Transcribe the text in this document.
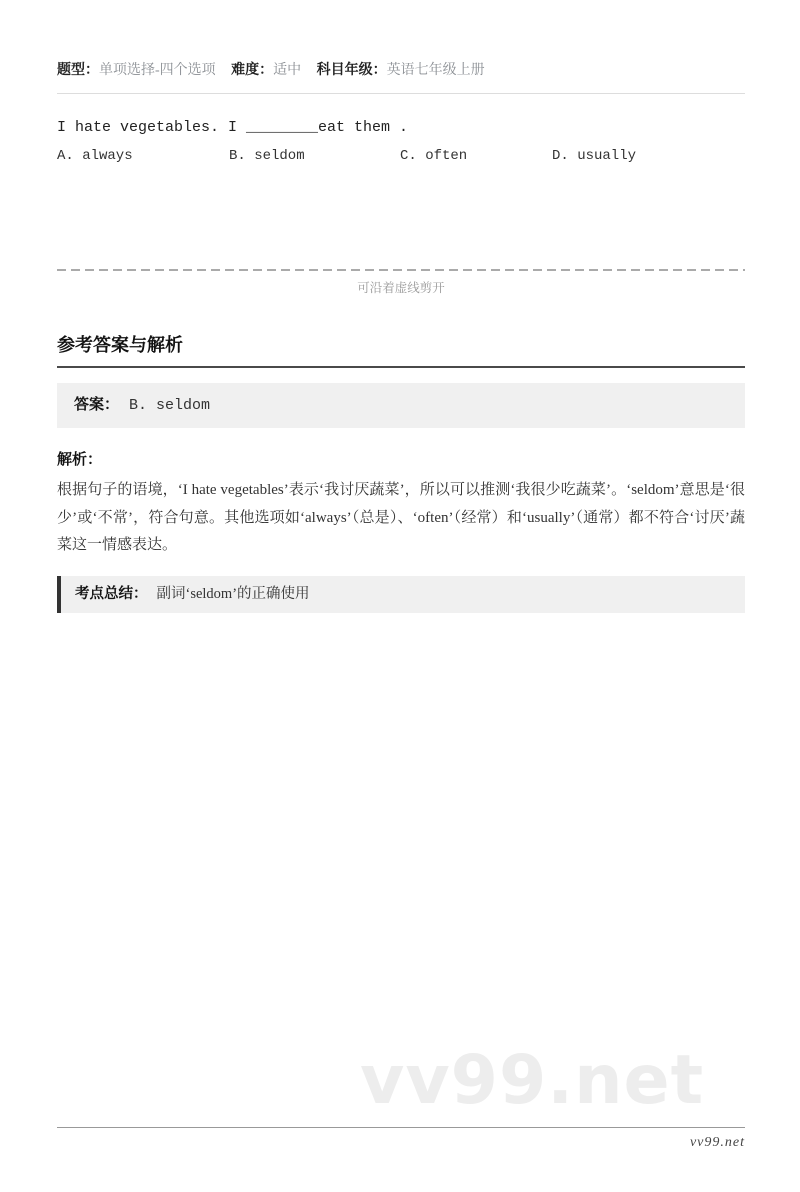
题型：单项选择-四个选项 难度：适中 科目年级：英语七年级上册
I hate vegetables. I ________eat them .
A. always	B. seldom	C. often	D. usually
可沿着虚线剪开
参考答案与解析
答案： B. seldom
解析：
根据句子的语境，‘I hate vegetables’表示‘我讨厌蔬菜’，所以可以推测‘我很少吃蔬菜’。‘seldom’意思是‘很少’或‘不常’，符合句意。其他选项如‘always’（总是）、‘often’（经常）和‘usually’（通常）都不符合‘讨厌’蔬菜这一情感表达。
考点总结： 副词‘seldom’的正确使用
vv99.net
vv99.net
